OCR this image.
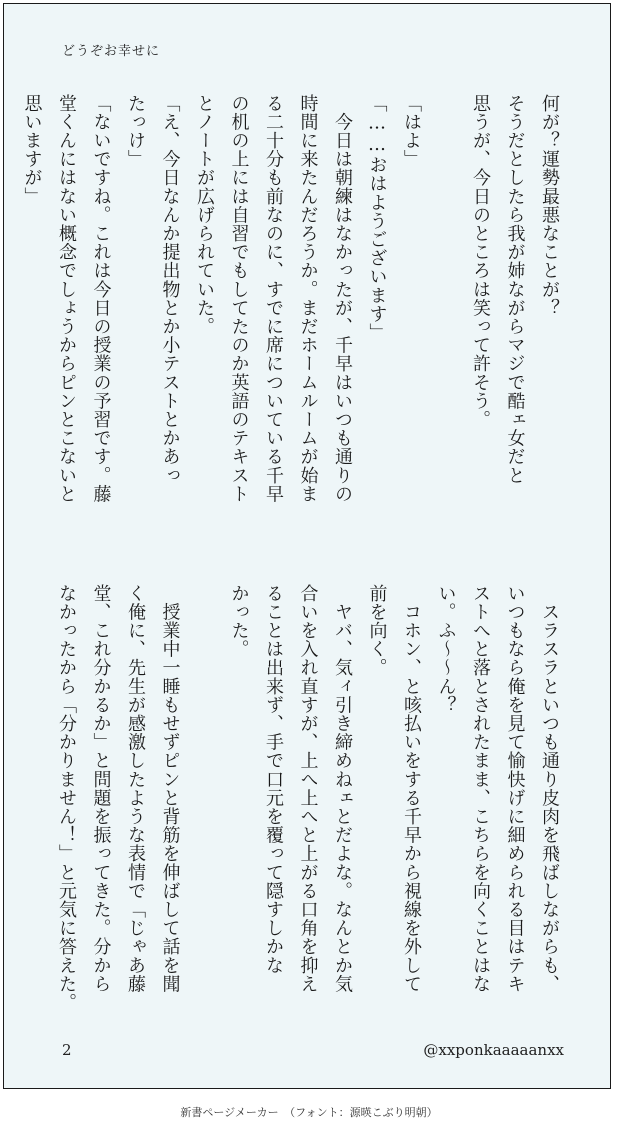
どうぞお幸せに
何が？運勢最悪なことが？
そうだとしたら我が姉ながらマジで酷ェ女だと
思うが、今日のところは笑って許そう。

「はよ」
「……おはようございます」
　今日は朝練はなかったが、千早はいつも通りの
時間に来たんだろうか。まだホームルームが始ま
る二十分も前なのに、すでに席についている千早
の机の上には自習でもしてたのか英語のテキスト
とノートが広げられていた。
「え、今日なんか提出物とか小テストとかあっ
たっけ」
「ないですね。これは今日の授業の予習です。藤
堂くんにはない概念でしょうからピンとこないと
思いますが」
　スラスラといつも通り皮肉を飛ばしながらも、
いつもなら俺を見て愉快げに細められる目はテキ
ストへと落とされたまま、こちらを向くことはな
い。ふ〜〜ん？
　コホン、と咳払いをする千早から視線を外して
前を向く。
　ヤバ、気ィ引き締めねェとだよな。なんとか気
合いを入れ直すが、上へ上へと上がる口角を抑え
ることは出来ず、手で口元を覆って隠すしかな
かった。

　授業中一睡もせずピンと背筋を伸ばして話を聞
く俺に、先生が感激したような表情で「じゃあ藤
堂、これ分かるか」と問題を振ってきた。分から
なかったから「分かりません！」と元気に答えた。
2	@xxponkaaaaanxx
新書ページメーカー　（フォント：源暎こぶり明朝）
